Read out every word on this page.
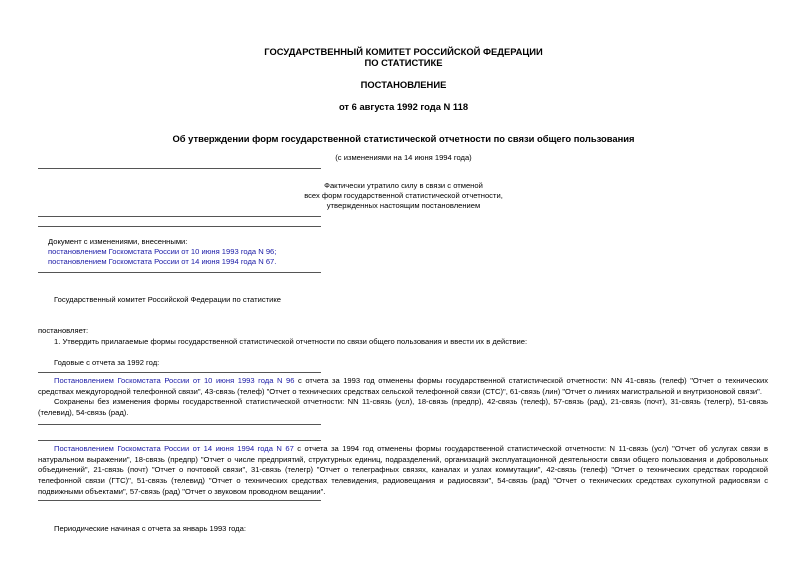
ГОСУДАРСТВЕННЫЙ КОМИТЕТ РОССИЙСКОЙ ФЕДЕРАЦИИ
ПО СТАТИСТИКЕ
ПОСТАНОВЛЕНИЕ
от 6 августа 1992 года N 118
Об утверждении форм государственной статистической отчетности по связи общего пользования
(с изменениями на 14 июня 1994 года)
Фактически утратило силу в связи с отменой
всех форм государственной статистической отчетности,
утвержденных настоящим постановлением
Документ с изменениями, внесенными:
постановлением Госкомстата России от 10 июня 1993 года N 96;
постановлением Госкомстата России от 14 июня 1994 года N 67.
Государственный комитет Российской Федерации по статистике
постановляет:
1. Утвердить прилагаемые формы государственной статистической отчетности по связи общего пользования и ввести их в действие:
Годовые с отчета за 1992 год:
Постановлением Госкомстата России от 10 июня 1993 года N 96 с отчета за 1993 год отменены формы государственной статистической отчетности: NN 41-связь (телеф) "Отчет о технических средствах междугородной телефонной связи", 43-связь (телеф) "Отчет о технических средствах сельской телефонной связи (СТС)", 61-связь (лин) "Отчет о линиях магистральной и внутризоновой связи".
Сохранены без изменения формы государственной статистической отчетности: NN 11-связь (усл), 18-связь (предпр), 42-связь (телеф), 57-связь (рад), 21-связь (почт), 31-связь (телегр), 51-связь (телевид), 54-связь (рад).
Постановлением Госкомстата России от 14 июня 1994 года N 67 с отчета за 1994 год отменены формы государственной статистической отчетности: N 11-связь (усл) "Отчет об услугах связи в натуральном выражении", 18-связь (предпр) "Отчет о числе предприятий, структурных единиц, подразделений, организаций эксплуатационной деятельности связи общего пользования и добровольных объединений", 21-связь (почт) "Отчет о почтовой связи", 31-связь (телегр) "Отчет о телеграфных связях, каналах и узлах коммутации", 42-связь (телеф) "Отчет о технических средствах городской телефонной связи (ГТС)", 51-связь (телевид) "Отчет о технических средствах телевидения, радиовещания и радиосвязи", 54-связь (рад) "Отчет о технических средствах сухопутной радиосвязи с подвижными объектами", 57-связь (рад) "Отчет о звуковом проводном вещании".
Периодические начиная с отчета за январь 1993 года:
